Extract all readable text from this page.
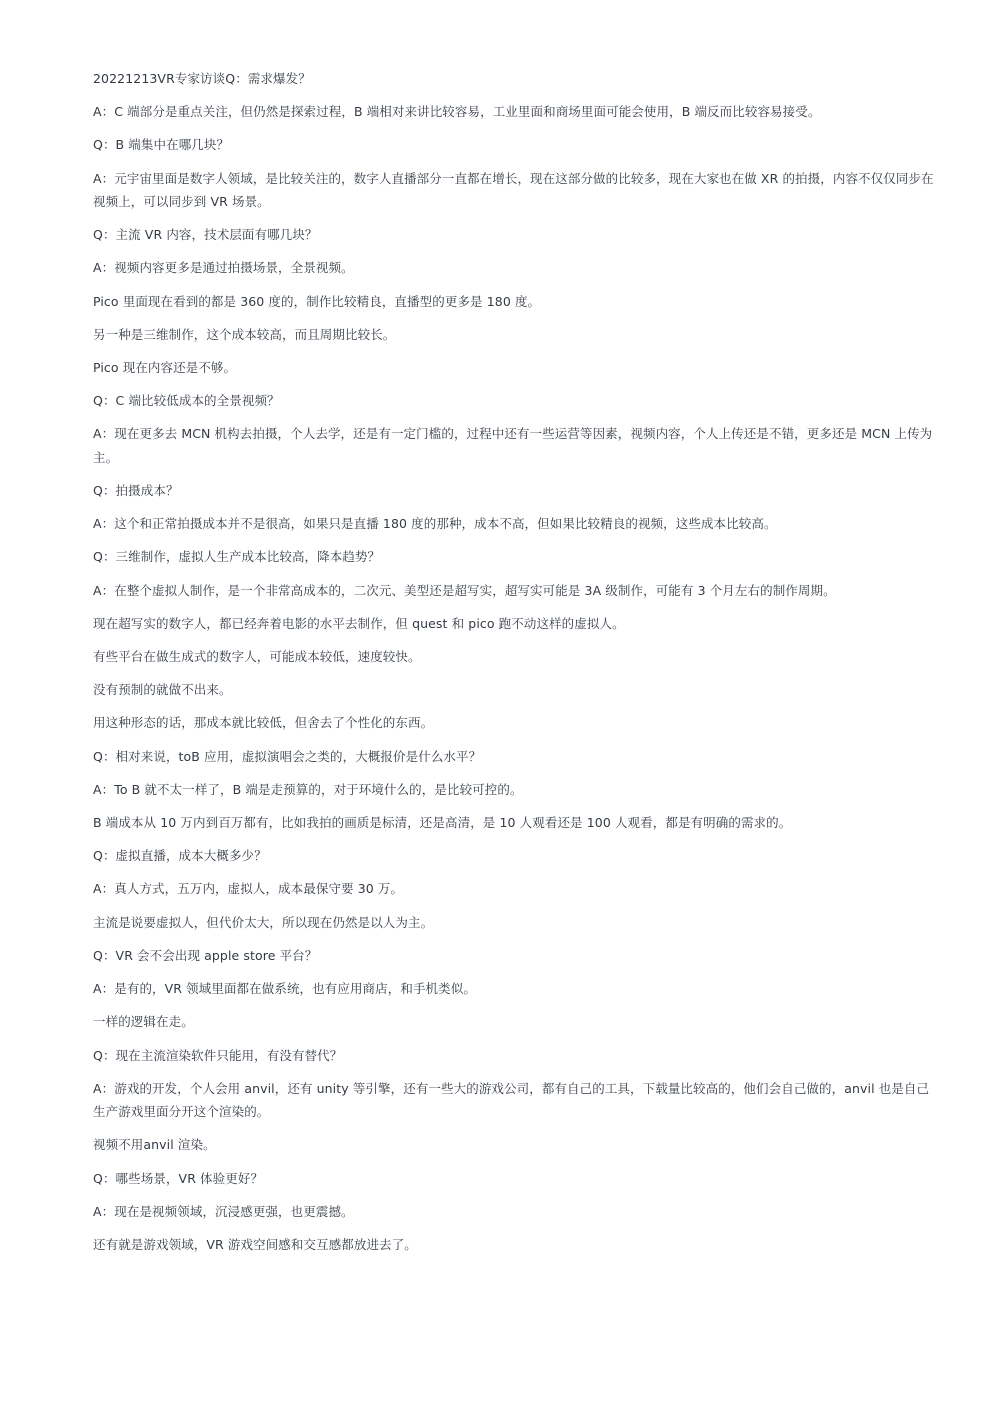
20221213VR专家访谈Q：需求爆发？

A：C 端部分是重点关注，但仍然是探索过程，B 端相对来讲比较容易，工业里面和商场里面可能会使用，B 端反而比较容易接受。

Q：B 端集中在哪几块？

A：元宇宙里面是数字人领域，是比较关注的，数字人直播部分一直都在增长，现在这部分做的比较多，现在大家也在做 XR 的拍摄，内容不仅仅同步在视频上，可以同步到 VR 场景。

Q：主流 VR 内容，技术层面有哪几块？

A：视频内容更多是通过拍摄场景，全景视频。

Pico 里面现在看到的都是 360 度的，制作比较精良，直播型的更多是 180 度。

另一种是三维制作，这个成本较高，而且周期比较长。

Pico 现在内容还是不够。

Q：C 端比较低成本的全景视频？

A：现在更多去 MCN 机构去拍摄，个人去学，还是有一定门槛的，过程中还有一些运营等因素，视频内容，个人上传还是不错，更多还是 MCN 上传为主。

Q：拍摄成本？

A：这个和正常拍摄成本并不是很高，如果只是直播 180 度的那种，成本不高，但如果比较精良的视频，这些成本比较高。

Q：三维制作，虚拟人生产成本比较高，降本趋势？

A：在整个虚拟人制作，是一个非常高成本的，二次元、美型还是超写实，超写实可能是 3A 级制作，可能有 3 个月左右的制作周期。

现在超写实的数字人，都已经奔着电影的水平去制作，但 quest 和 pico 跑不动这样的虚拟人。

有些平台在做生成式的数字人，可能成本较低，速度较快。

没有预制的就做不出来。

用这种形态的话，那成本就比较低，但舍去了个性化的东西。

Q：相对来说，toB 应用，虚拟演唱会之类的，大概报价是什么水平？

A：To B 就不太一样了，B 端是走预算的，对于环境什么的，是比较可控的。

B 端成本从 10 万内到百万都有，比如我拍的画质是标清，还是高清，是 10 人观看还是 100 人观看，都是有明确的需求的。

Q：虚拟直播，成本大概多少？

A：真人方式，五万内，虚拟人，成本最保守要 30 万。

主流是说要虚拟人，但代价太大，所以现在仍然是以人为主。

Q：VR 会不会出现 apple store 平台？

A：是有的，VR 领域里面都在做系统，也有应用商店，和手机类似。

一样的逻辑在走。

Q：现在主流渲染软件只能用，有没有替代？

A：游戏的开发，个人会用 anvil，还有 unity 等引擎，还有一些大的游戏公司，都有自己的工具，下载量比较高的，他们会自己做的，anvil 也是自己生产游戏里面分开这个渲染的。

视频不用anvil 渲染。

Q：哪些场景，VR 体验更好？

A：现在是视频领域，沉浸感更强，也更震撼。

还有就是游戏领域，VR 游戏空间感和交互感都放进去了。
